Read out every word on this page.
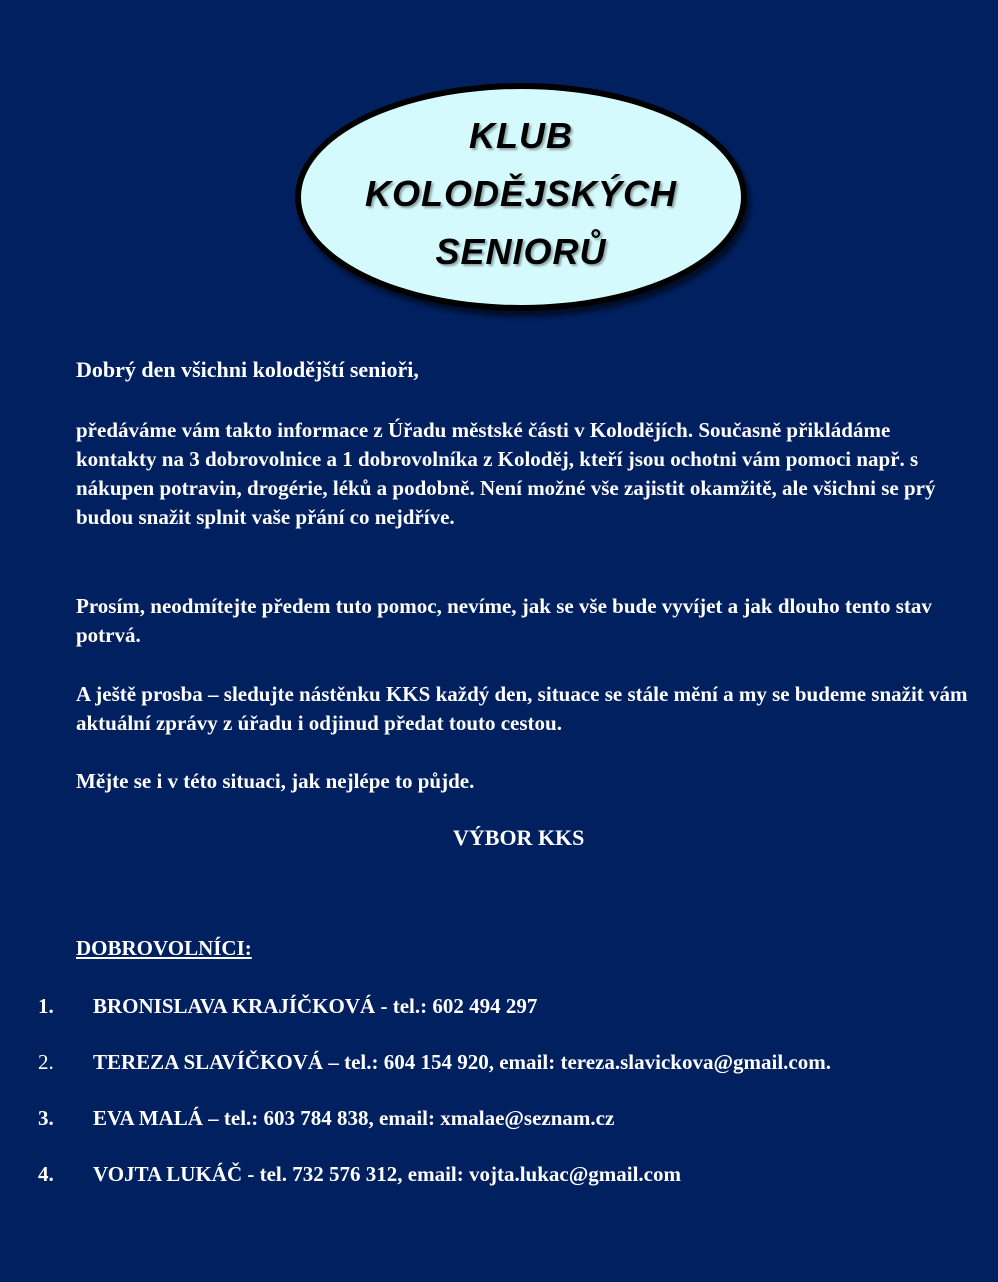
KLUB
KOLODĚJSKÝCH
SENIORŮ

Dobrý den všichni kolodějští senioři,

předáváme vám takto informace z Úřadu městské části v Kolodějích. Současně přikládáme kontakty na 3 dobrovolnice a 1 dobrovolníka z Koloděj, kteří jsou ochotni vám pomoci např. s nákupen potravin, drogérie, léků a podobně. Není možné vše zajistit okamžitě, ale všichni se prý budou snažit splnit vaše přání co nejdříve.

Prosím, neodmítejte předem tuto pomoc, nevíme, jak se vše bude vyvíjet a jak dlouho tento stav potrvá.

A ještě prosba – sledujte nástěnku KKS každý den, situace se stále mění a my se budeme snažit vám aktuální zprávy z úřadu i odjinud předat touto cestou.

Mějte se i v této situaci, jak nejlépe to půjde.

VÝBOR KKS
DOBROVOLNÍCI:
1. BRONISLAVA KRAJÍČKOVÁ - tel.: 602 494 297
2. TEREZA SLAVÍČKOVÁ – tel.: 604 154 920, email: tereza.slavickova@gmail.com.
3. EVA MALÁ – tel.: 603 784 838, email: xmalae@seznam.cz
4. VOJTA LUKÁČ - tel. 732 576 312, email: vojta.lukac@gmail.com
